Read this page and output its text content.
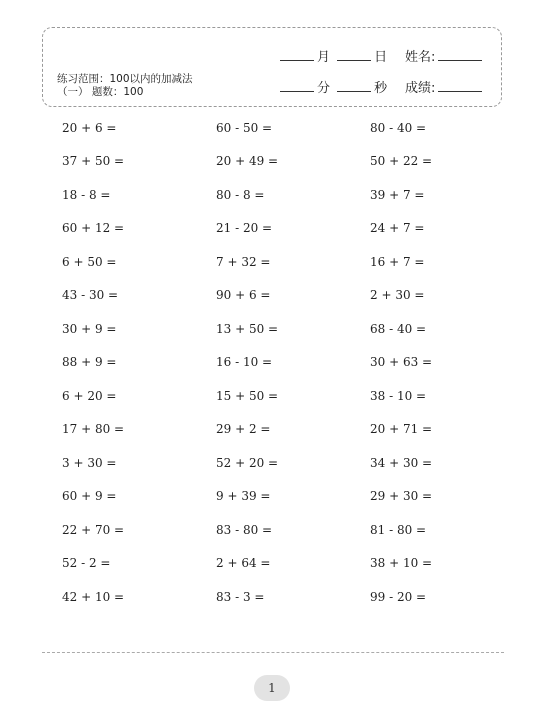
练习范围：100以内的加减法
（一） 题数：100
月	日 姓名:
分	秒 成绩:
20 + 6 =	60 - 50 =	80 - 40 =
37 + 50 =	20 + 49 =	50 + 22 =
18 - 8 =	80 - 8 =	39 + 7 =
60 + 12 =	21 - 20 =	24 + 7 =
6 + 50 =	7 + 32 =	16 + 7 =
43 - 30 =	90 + 6 =	2 + 30 =
30 + 9 =	13 + 50 =	68 - 40 =
88 + 9 =	16 - 10 =	30 + 63 =
6 + 20 =	15 + 50 =	38 - 10 =
17 + 80 =	29 + 2 =	20 + 71 =
3 + 30 =	52 + 20 =	34 + 30 =
60 + 9 =	9 + 39 =	29 + 30 =
22 + 70 =	83 - 80 =	81 - 80 =
52 - 2 =	2 + 64 =	38 + 10 =
42 + 10 =	83 - 3 =	99 - 20 =
1
